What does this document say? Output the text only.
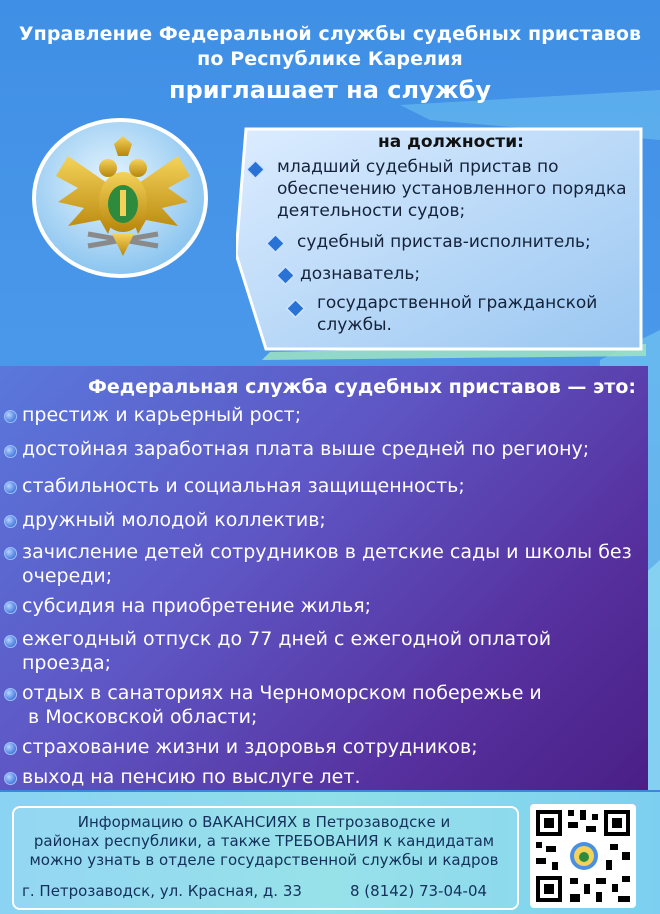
Управление Федеральной службы судебных приставов
по Республике Карелия
приглашает на службу
на должности:
младший судебный пристав по
обеспечению установленного порядка
деятельности судов;
судебный пристав-исполнитель;
дознаватель;
государственной гражданской
службы.
Федеральная служба судебных приставов — это:
престиж и карьерный рост;
достойная заработная плата выше средней по региону;
стабильность и социальная защищенность;
дружный молодой коллектив;
зачисление детей сотрудников в детские сады и школы без
очереди;
субсидия на приобретение жилья;
ежегодный отпуск до 77 дней с ежегодной оплатой
проезда;
отдых в санаториях на Черноморском побережье и
в Московской области;
страхование жизни и здоровья сотрудников;
выход на пенсию по выслуге лет.
Информацию о ВАКАНСИЯХ в Петрозаводске и
районах республики, а также ТРЕБОВАНИЯ к кандидатам
можно узнать в отделе государственной службы и кадров
г. Петрозаводск, ул. Красная, д. 33	8 (8142) 73-04-04
